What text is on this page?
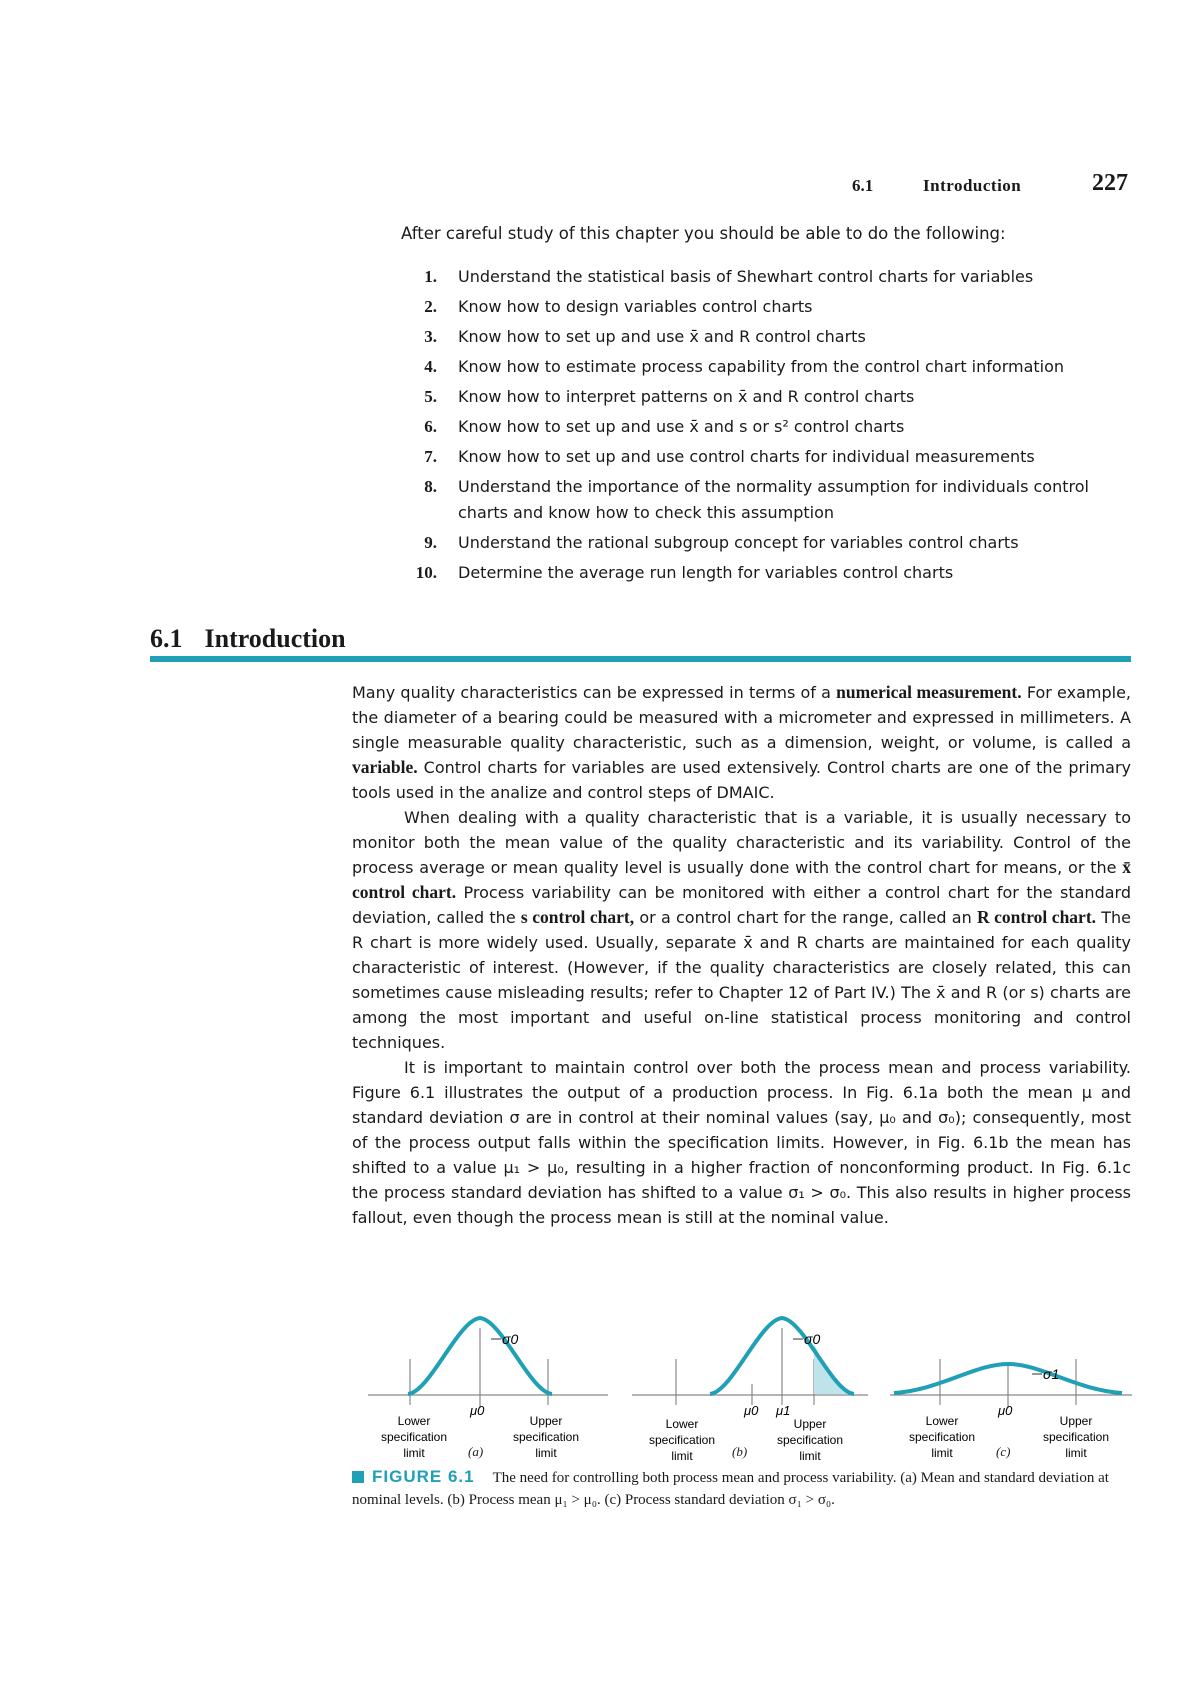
6.1	Introduction	227
After careful study of this chapter you should be able to do the following:
1. Understand the statistical basis of Shewhart control charts for variables
2. Know how to design variables control charts
3. Know how to set up and use x̄ and R control charts
4. Know how to estimate process capability from the control chart information
5. Know how to interpret patterns on x̄ and R control charts
6. Know how to set up and use x̄ and s or s² control charts
7. Know how to set up and use control charts for individual measurements
8. Understand the importance of the normality assumption for individuals control charts and know how to check this assumption
9. Understand the rational subgroup concept for variables control charts
10. Determine the average run length for variables control charts
6.1 Introduction

Many quality characteristics can be expressed in terms of a numerical measurement. For example, the diameter of a bearing could be measured with a micrometer and expressed in millimeters. A single measurable quality characteristic, such as a dimension, weight, or volume, is called a variable. Control charts for variables are used extensively. Control charts are one of the primary tools used in the analize and control steps of DMAIC.

When dealing with a quality characteristic that is a variable, it is usually necessary to monitor both the mean value of the quality characteristic and its variability. Control of the process average or mean quality level is usually done with the control chart for means, or the x̄ control chart. Process variability can be monitored with either a control chart for the standard deviation, called the s control chart, or a control chart for the range, called an R control chart. The R chart is more widely used. Usually, separate x̄ and R charts are maintained for each quality characteristic of interest. (However, if the quality characteristics are closely related, this can sometimes cause misleading results; refer to Chapter 12 of Part IV.) The x̄ and R (or s) charts are among the most important and useful on-line statistical process monitoring and control techniques.

It is important to maintain control over both the process mean and process variability. Figure 6.1 illustrates the output of a production process. In Fig. 6.1a both the mean μ and standard deviation σ are in control at their nominal values (say, μ₀ and σ₀); consequently, most of the process output falls within the specification limits. However, in Fig. 6.1b the mean has shifted to a value μ₁ > μ₀, resulting in a higher fraction of nonconforming product. In Fig. 6.1c the process standard deviation has shifted to a value σ₁ > σ₀. This also results in higher process fallout, even though the process mean is still at the nominal value.

σ0
μ0
Lower
specification
limit
Upper
specification
limit
σ0
μ0 μ1
Lower
specification
limit
Upper
specification
limit
σ1
μ0
Lower
specification
limit
Upper
specification
limit
(a)	(b)	(c)
FIGURE 6.1 The need for controlling both process mean and process variability. (a) Mean and standard deviation at nominal levels. (b) Process mean μ₁ > μ₀. (c) Process standard deviation σ₁ > σ₀.
